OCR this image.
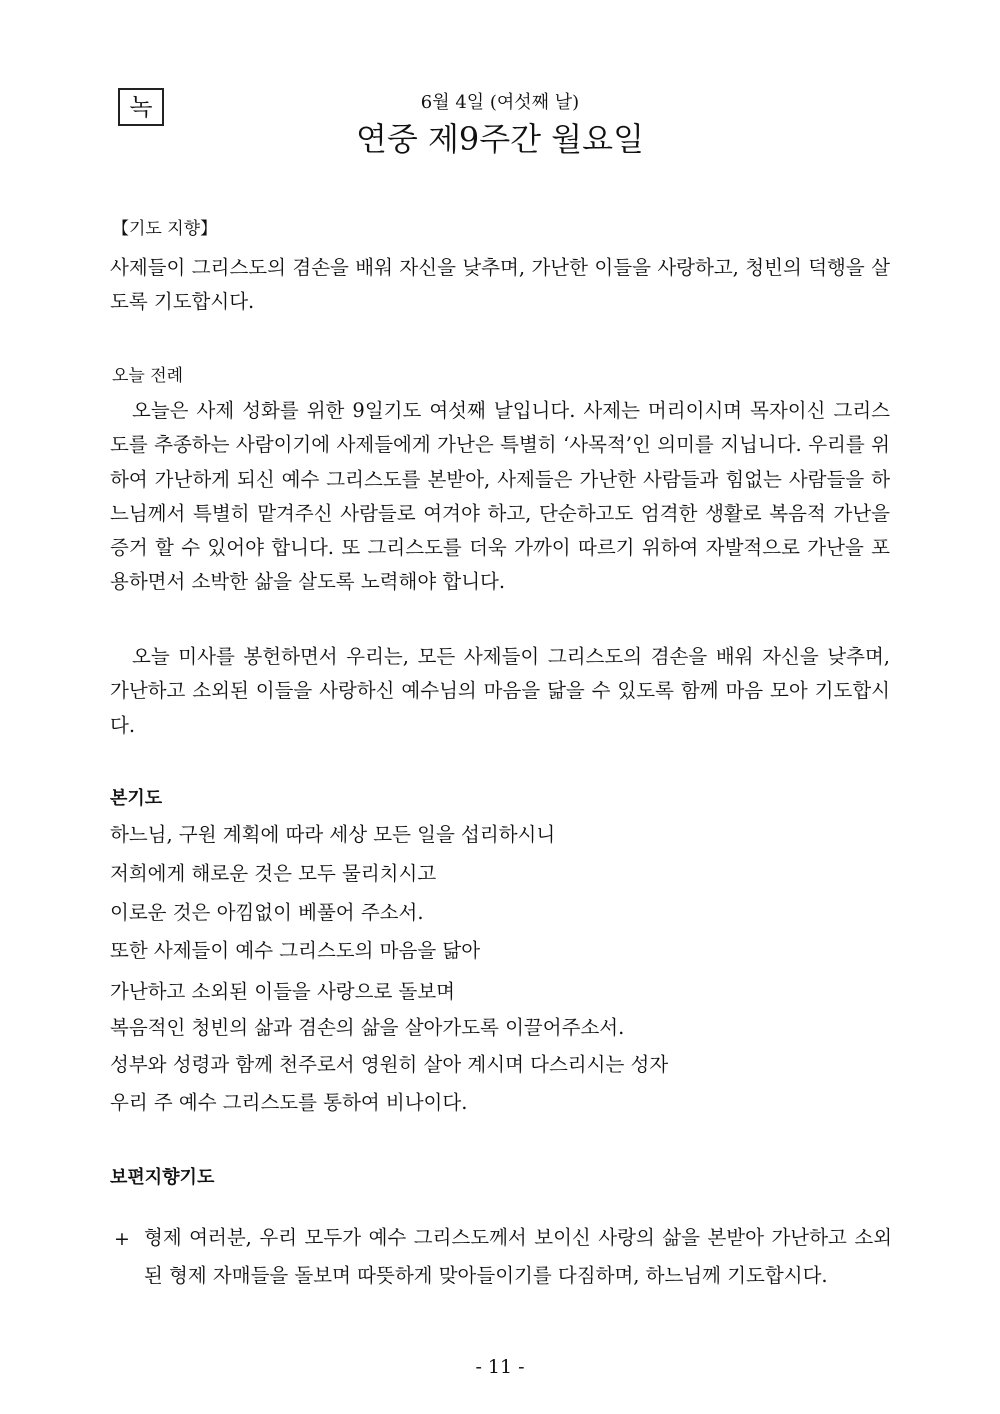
녹	6월 4일 (여섯째 날)
연중 제9주간 월요일
【기도 지향】

사제들이 그리스도의 겸손을 배워 자신을 낮추며, 가난한 이들을 사랑하고, 청빈의 덕행을 살도록 기도합시다.

오늘 전례

오늘은 사제 성화를 위한 9일기도 여섯째 날입니다. 사제는 머리이시며 목자이신 그리스도를 추종하는 사람이기에 사제들에게 가난은 특별히 ‘사목적’인 의미를 지닙니다. 우리를 위하여 가난하게 되신 예수 그리스도를 본받아, 사제들은 가난한 사람들과 힘없는 사람들을 하느님께서 특별히 맡겨주신 사람들로 여겨야 하고, 단순하고도 엄격한 생활로 복음적 가난을 증거 할 수 있어야 합니다. 또 그리스도를 더욱 가까이 따르기 위하여 자발적으로 가난을 포용하면서 소박한 삶을 살도록 노력해야 합니다.

오늘 미사를 봉헌하면서 우리는, 모든 사제들이 그리스도의 겸손을 배워 자신을 낮추며, 가난하고 소외된 이들을 사랑하신 예수님의 마음을 닮을 수 있도록 함께 마음 모아 기도합시다.

본기도
하느님, 구원 계획에 따라 세상 모든 일을 섭리하시니
저희에게 해로운 것은 모두 물리치시고
이로운 것은 아낌없이 베풀어 주소서.
또한 사제들이 예수 그리스도의 마음을 닮아
가난하고 소외된 이들을 사랑으로 돌보며
복음적인 청빈의 삶과 겸손의 삶을 살아가도록 이끌어주소서.
성부와 성령과 함께 천주로서 영원히 살아 계시며 다스리시는 성자
우리 주 예수 그리스도를 통하여 비나이다.
보편지향기도
+ 형제 여러분, 우리 모두가 예수 그리스도께서 보이신 사랑의 삶을 본받아 가난하고 소외된 형제 자매들을 돌보며 따뜻하게 맞아들이기를 다짐하며, 하느님께 기도합시다.

- 11 -
